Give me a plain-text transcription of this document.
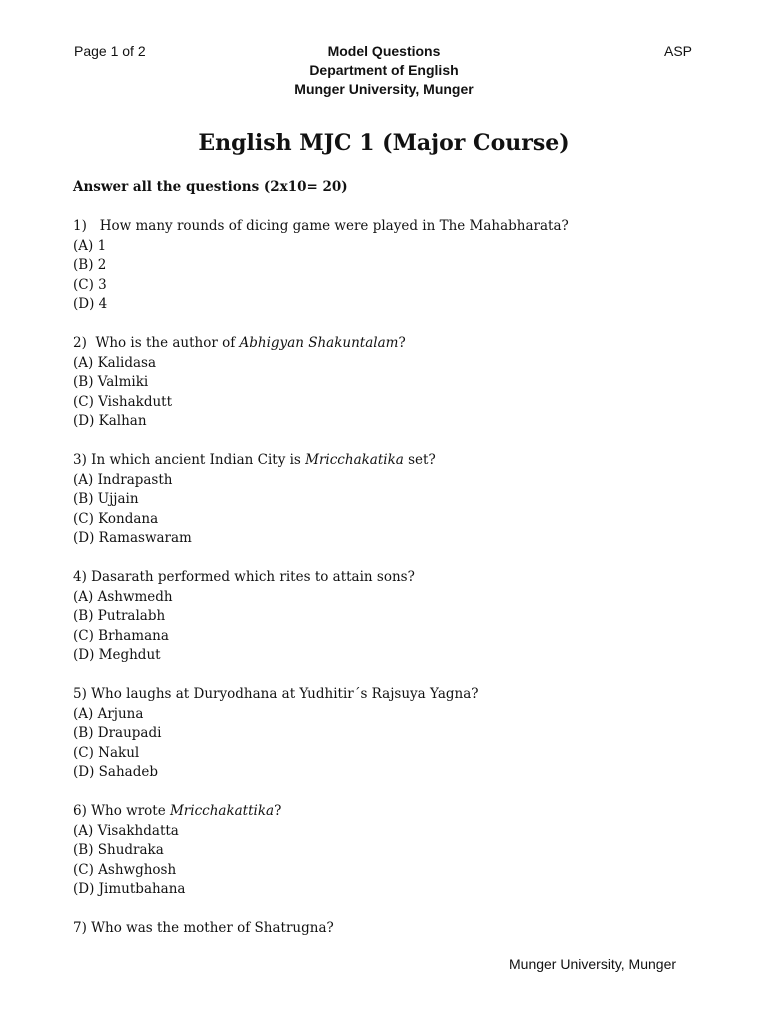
Page 1 of 2	Model Questions
Department of English
Munger University, Munger
ASP
English MJC 1 (Major Course)
Answer all the questions (2x10= 20)
1)   How many rounds of dicing game were played in The Mahabharata?
(A) 1
(B) 2
(C) 3
(D) 4
2)  Who is the author of Abhigyan Shakuntalam?
(A) Kalidasa
(B) Valmiki
(C) Vishakdutt
(D) Kalhan
3) In which ancient Indian City is Mricchakatika set?
(A) Indrapasth
(B) Ujjain
(C) Kondana
(D) Ramaswaram
4) Dasarath performed which rites to attain sons?
(A) Ashwmedh
(B) Putralabh
(C) Brhamana
(D) Meghdut
5) Who laughs at Duryodhana at Yudhitir´s Rajsuya Yagna?
(A) Arjuna
(B) Draupadi
(C) Nakul
(D) Sahadeb
6) Who wrote Mricchakattika?
(A) Visakhdatta
(B) Shudraka
(C) Ashwghosh
(D) Jimutbahana
7) Who was the mother of Shatrugna?
Munger University, Munger
